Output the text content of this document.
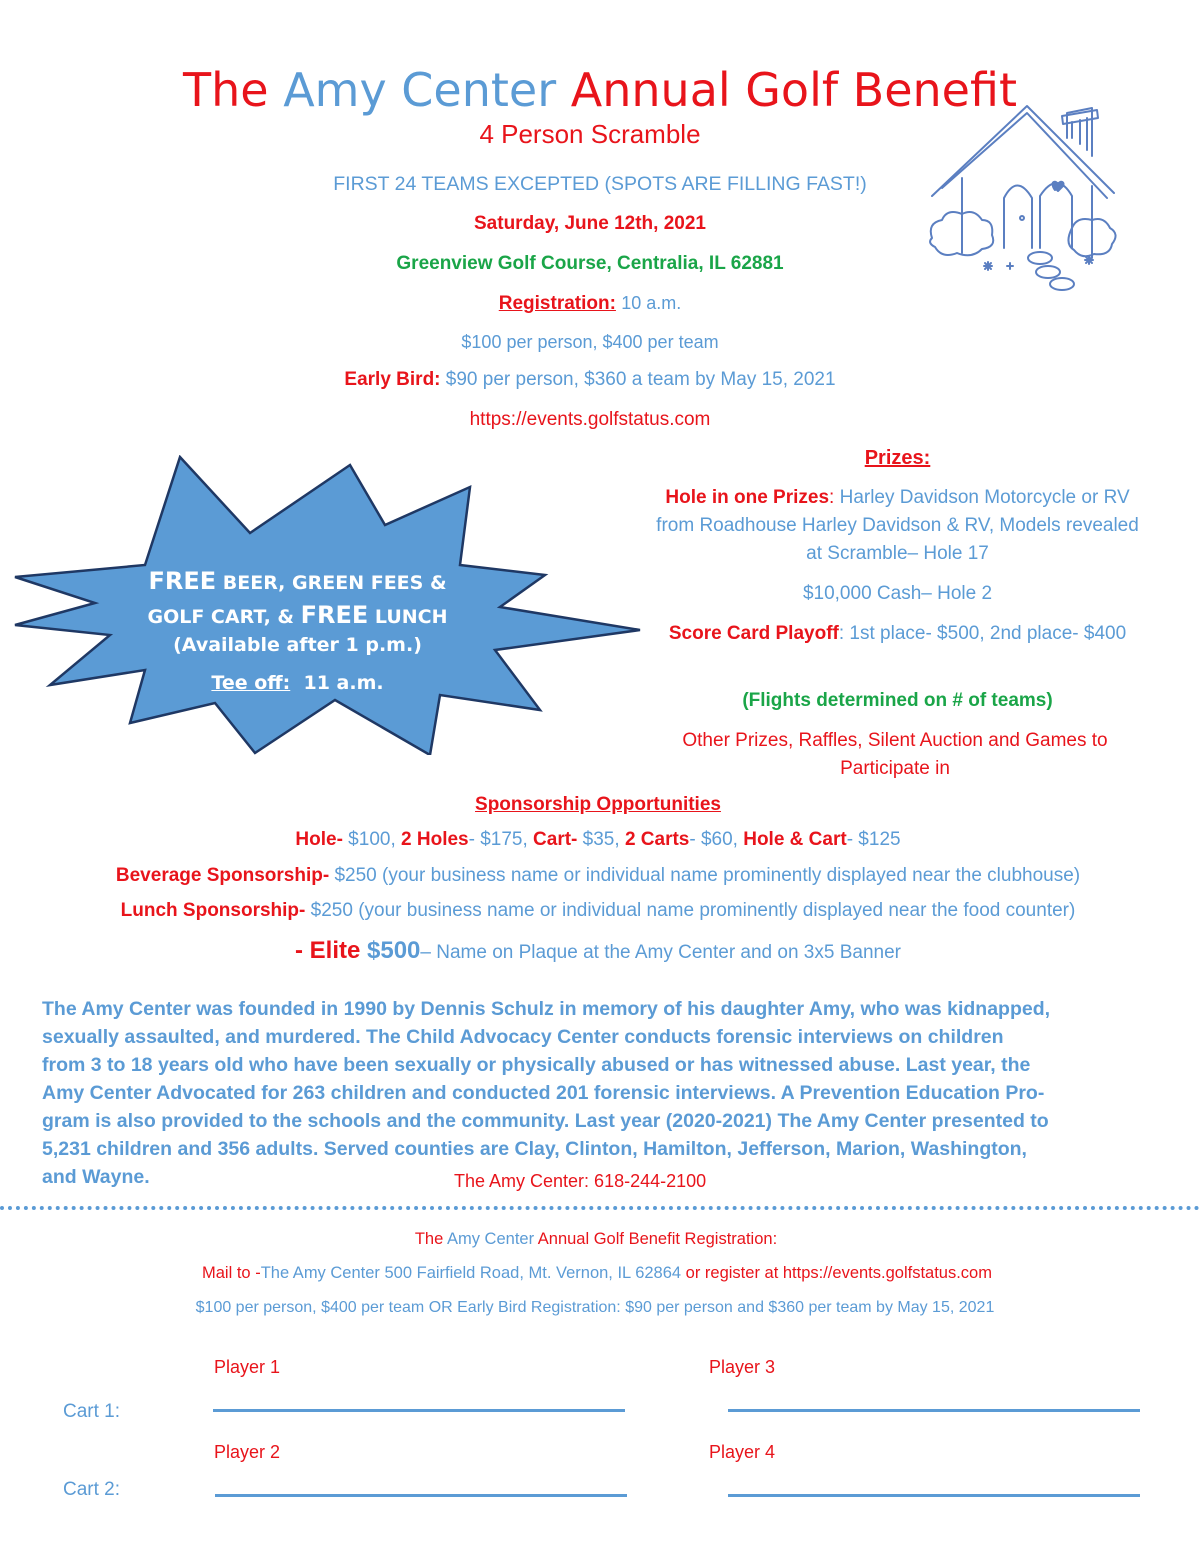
The Amy Center Annual Golf Benefit
4 Person Scramble
FIRST 24 TEAMS EXCEPTED (SPOTS ARE FILLING FAST!)
Saturday, June 12th, 2021
Greenview Golf Course, Centralia, IL 62881
Registration: 10 a.m.
$100 per person, $400 per team
Early Bird: $90 per person, $360 a team by May 15, 2021
https://events.golfstatus.com
FREE BEER, GREEN FEES &
GOLF CART, & FREE LUNCH
(Available after 1 p.m.)
Tee off:  11 a.m.
Prizes:
Hole in one Prizes: Harley Davidson Motorcycle or RV from Roadhouse Harley Davidson & RV, Models revealed at Scramble– Hole 17
$10,000 Cash– Hole 2
Score Card Playoff: 1st place- $500, 2nd place- $400
(Flights determined on # of teams)
Other Prizes, Raffles, Silent Auction and Games to Participate in
Sponsorship Opportunities
Hole- $100, 2 Holes- $175, Cart- $35, 2 Carts- $60, Hole & Cart- $125
Beverage Sponsorship- $250 (your business name or individual name prominently displayed near the clubhouse)
Lunch Sponsorship- $250 (your business name or individual name prominently displayed near the food counter)
- Elite $500– Name on Plaque at the Amy Center and on 3x5 Banner
The Amy Center was founded in 1990 by Dennis Schulz in memory of his daughter Amy, who was kidnapped,
sexually assaulted, and murdered. The Child Advocacy Center conducts forensic interviews on children
from 3 to 18 years old who have been sexually or physically abused or has witnessed abuse. Last year, the
Amy Center Advocated for 263 children and conducted 201 forensic interviews. A Prevention Education Pro-
gram is also provided to the schools and the community. Last year (2020-2021) The Amy Center presented to
5,231 children and 356 adults. Served counties are Clay, Clinton, Hamilton, Jefferson, Marion, Washington,
and Wayne.	The Amy Center: 618-244-2100
The Amy Center Annual Golf Benefit Registration:
Mail to -The Amy Center 500 Fairfield Road, Mt. Vernon, IL 62864 or register at https://events.golfstatus.com
$100 per person, $400 per team OR Early Bird Registration: $90 per person and $360 per team by May 15, 2021
Player 1	Player 3
Cart 1:
Player 2	Player 4
Cart 2:
